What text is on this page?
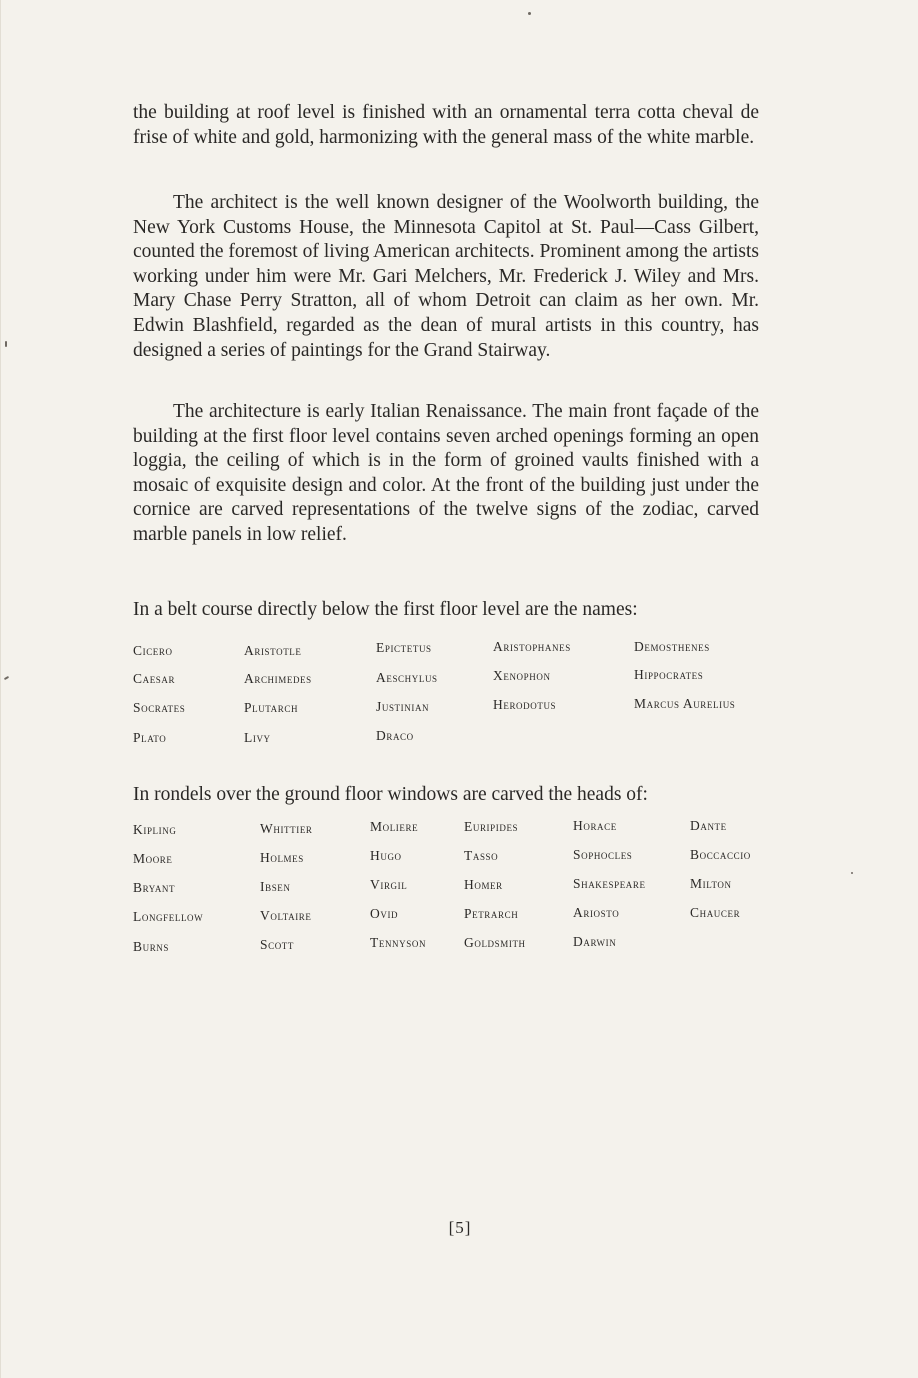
the building at roof level is finished with an ornamental terra cotta cheval de frise of white and gold, harmonizing with the general mass of the white marble.

The architect is the well known designer of the Woolworth building, the New York Customs House, the Minnesota Capitol at St. Paul—Cass Gilbert, counted the foremost of living American architects. Prominent among the artists working under him were Mr. Gari Melchers, Mr. Frederick J. Wiley and Mrs. Mary Chase Perry Stratton, all of whom Detroit can claim as her own. Mr. Edwin Blashfield, regarded as the dean of mural artists in this country, has designed a series of paintings for the Grand Stairway.

The architecture is early Italian Renaissance. The main front façade of the building at the first floor level contains seven arched openings forming an open loggia, the ceiling of which is in the form of groined vaults finished with a mosaic of exquisite design and color. At the front of the building just under the cornice are carved representations of the twelve signs of the zodiac, carved marble panels in low relief.

In a belt course directly below the first floor level are the names:

Cicero
Caesar
Socrates
Plato
Aristotle
Archimedes
Plutarch
Livy
Epictetus
Aeschylus
Justinian
Draco
Aristophanes
Xenophon
Herodotus
Demosthenes
Hippocrates
Marcus Aurelius

In rondels over the ground floor windows are carved the heads of:

Kipling
Moore
Bryant
Longfellow
Burns
Whittier
Holmes
Ibsen
Voltaire
Scott
Moliere
Hugo
Virgil
Ovid
Tennyson
Euripides
Tasso
Homer
Petrarch
Goldsmith
Horace
Sophocles
Shakespeare
Ariosto
Darwin
Dante
Boccaccio
Milton
Chaucer
[5]
